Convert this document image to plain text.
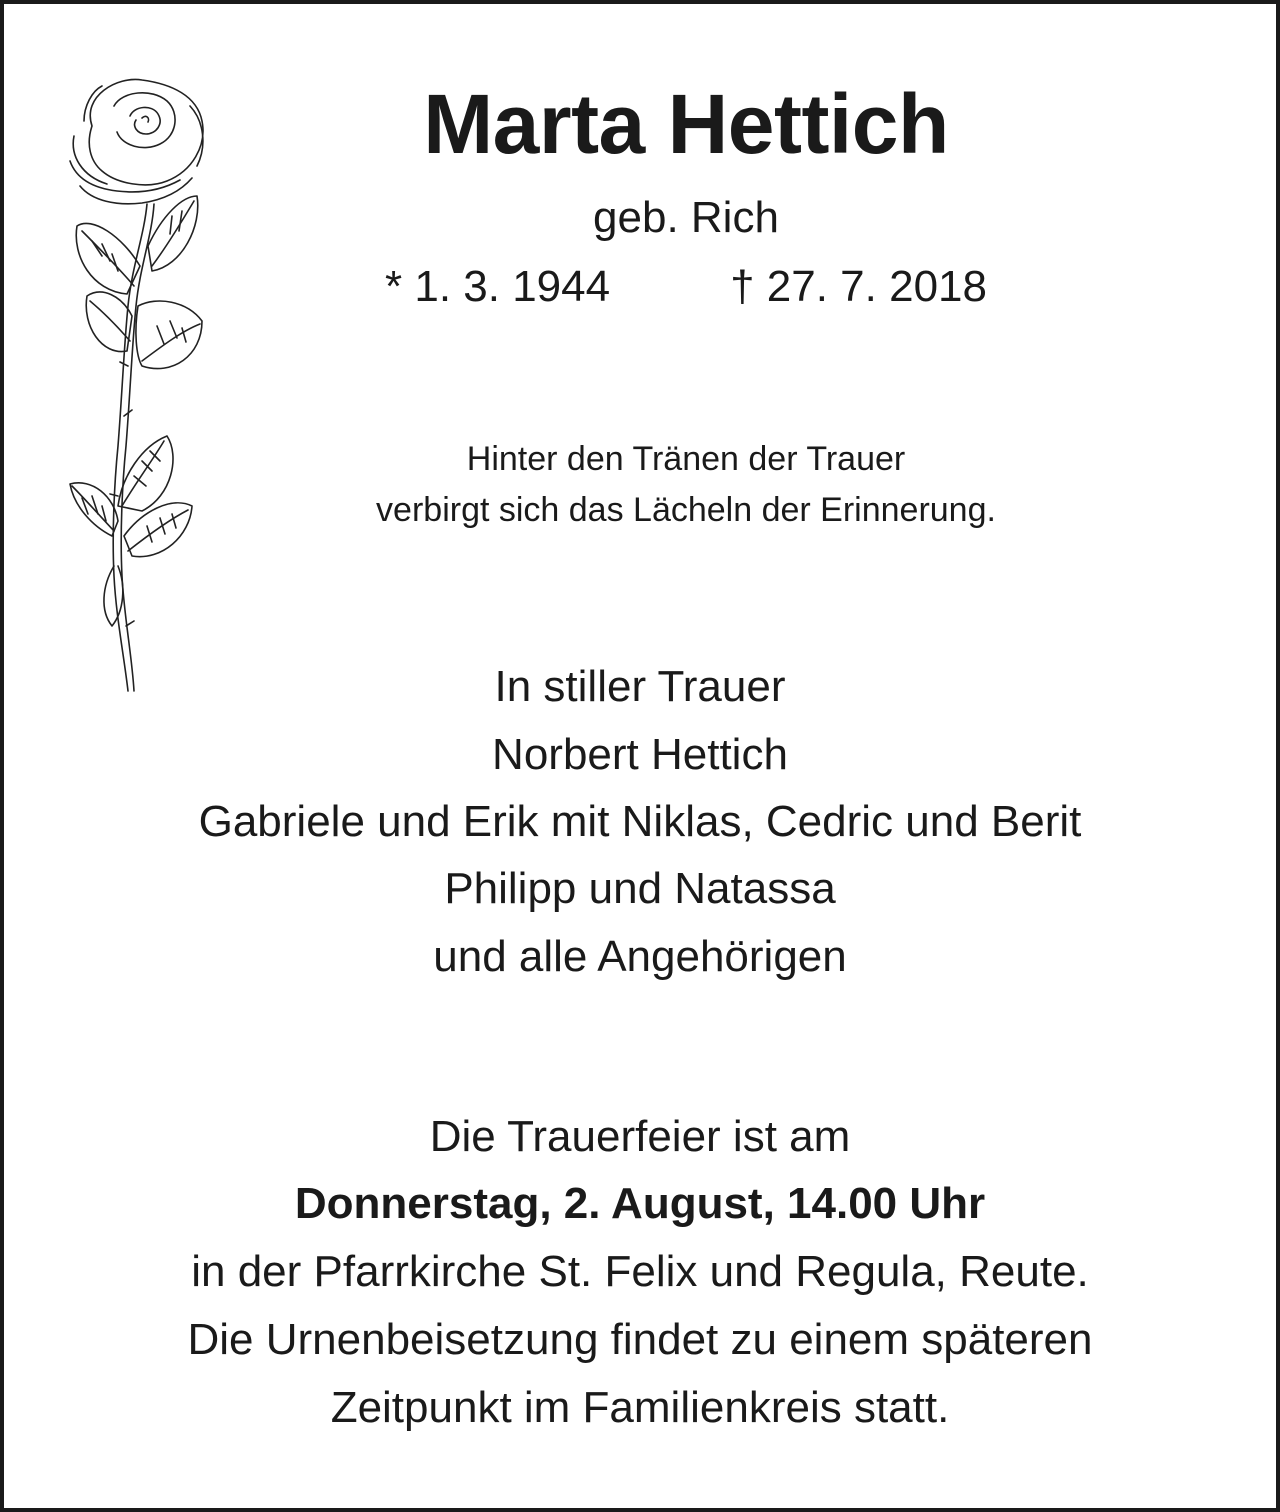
Marta Hettich
geb. Rich
* 1. 3. 1944	† 27. 7. 2018
Hinter den Tränen der Trauer
verbirgt sich das Lächeln der Erinnerung.
In stiller Trauer
Norbert Hettich
Gabriele und Erik mit Niklas, Cedric und Berit
Philipp und Natassa
und alle Angehörigen
Die Trauerfeier ist am
Donnerstag, 2. August, 14.00 Uhr
in der Pfarrkirche St. Felix und Regula, Reute.
Die Urnenbeisetzung findet zu einem späteren
Zeitpunkt im Familienkreis statt.
